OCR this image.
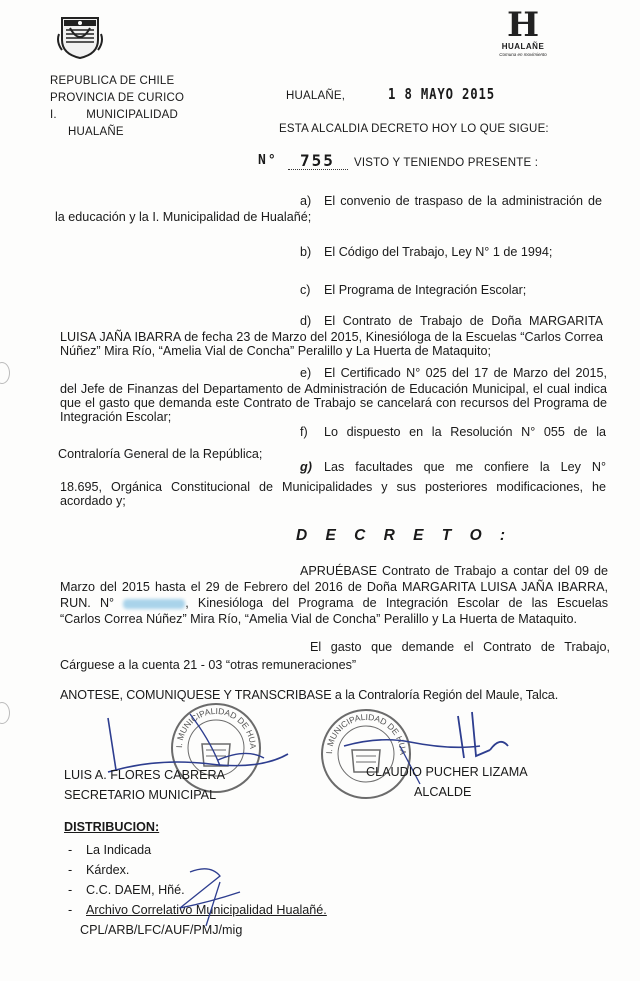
H
HUALAÑE
Comuna en movimiento
REPUBLICA DE CHILE
PROVINCIA DE CURICO
I.	MUNICIPALIDAD
HUALAÑE
HUALAÑE,	1 8 MAYO 2015
ESTA ALCALDIA DECRETO HOY LO QUE SIGUE:
N° 755 VISTO Y TENIENDO PRESENTE :
a) El convenio de traspaso de la administración de
la educación y la I. Municipalidad de Hualañé;
b) El Código del Trabajo, Ley N° 1 de 1994;
c) El Programa de Integración Escolar;
d) El Contrato de Trabajo de Doña MARGARITA
LUISA JAÑA IBARRA de fecha 23 de Marzo del 2015, Kinesióloga de la Escuelas “Carlos Correa Núñez” Mira Río, “Amelia Vial de Concha” Peralillo y La Huerta de Mataquito;
e) El Certificado N° 025 del 17 de Marzo del 2015,
del Jefe de Finanzas del Departamento de Administración de Educación Municipal, el cual indica que el gasto que demanda este Contrato de Trabajo se cancelará con recursos del Programa de Integración Escolar;
f) Lo dispuesto en la Resolución N° 055 de la
Contraloría General de la República;
g) Las facultades que me confiere la Ley N°
18.695, Orgánica Constitucional de Municipalidades y sus posteriores modificaciones, he acordado y;
D E C R E T O :
APRUÉBASE Contrato de Trabajo a contar del 09 de
Marzo del 2015 hasta el 29 de Febrero del 2016 de Doña MARGARITA LUISA JAÑA IBARRA,
RUN. N°	, Kinesióloga del Programa de Integración Escolar de las Escuelas
“Carlos Correa Núñez” Mira Río, “Amelia Vial de Concha” Peralillo y La Huerta de Mataquito.
El gasto que demande el Contrato de Trabajo,
Cárguese a la cuenta 21 - 03 “otras remuneraciones”
ANOTESE, COMUNIQUESE Y TRANSCRIBASE a la Contraloría Región del Maule, Talca.
I. MUNICIPALIDAD DE HUA
I. MUNICIPALIDAD DE HUA
LUIS A. FLORES CABRERA
SECRETARIO MUNICIPAL
CLAUDIO PUCHER LIZAMA
ALCALDE
DISTRIBUCION:
- La Indicada
- Kárdex.
- C.C. DAEM, Hñé.
- Archivo Correlativo Municipalidad Hualañé.
CPL/ARB/LFC/AUF/PMJ/mig
